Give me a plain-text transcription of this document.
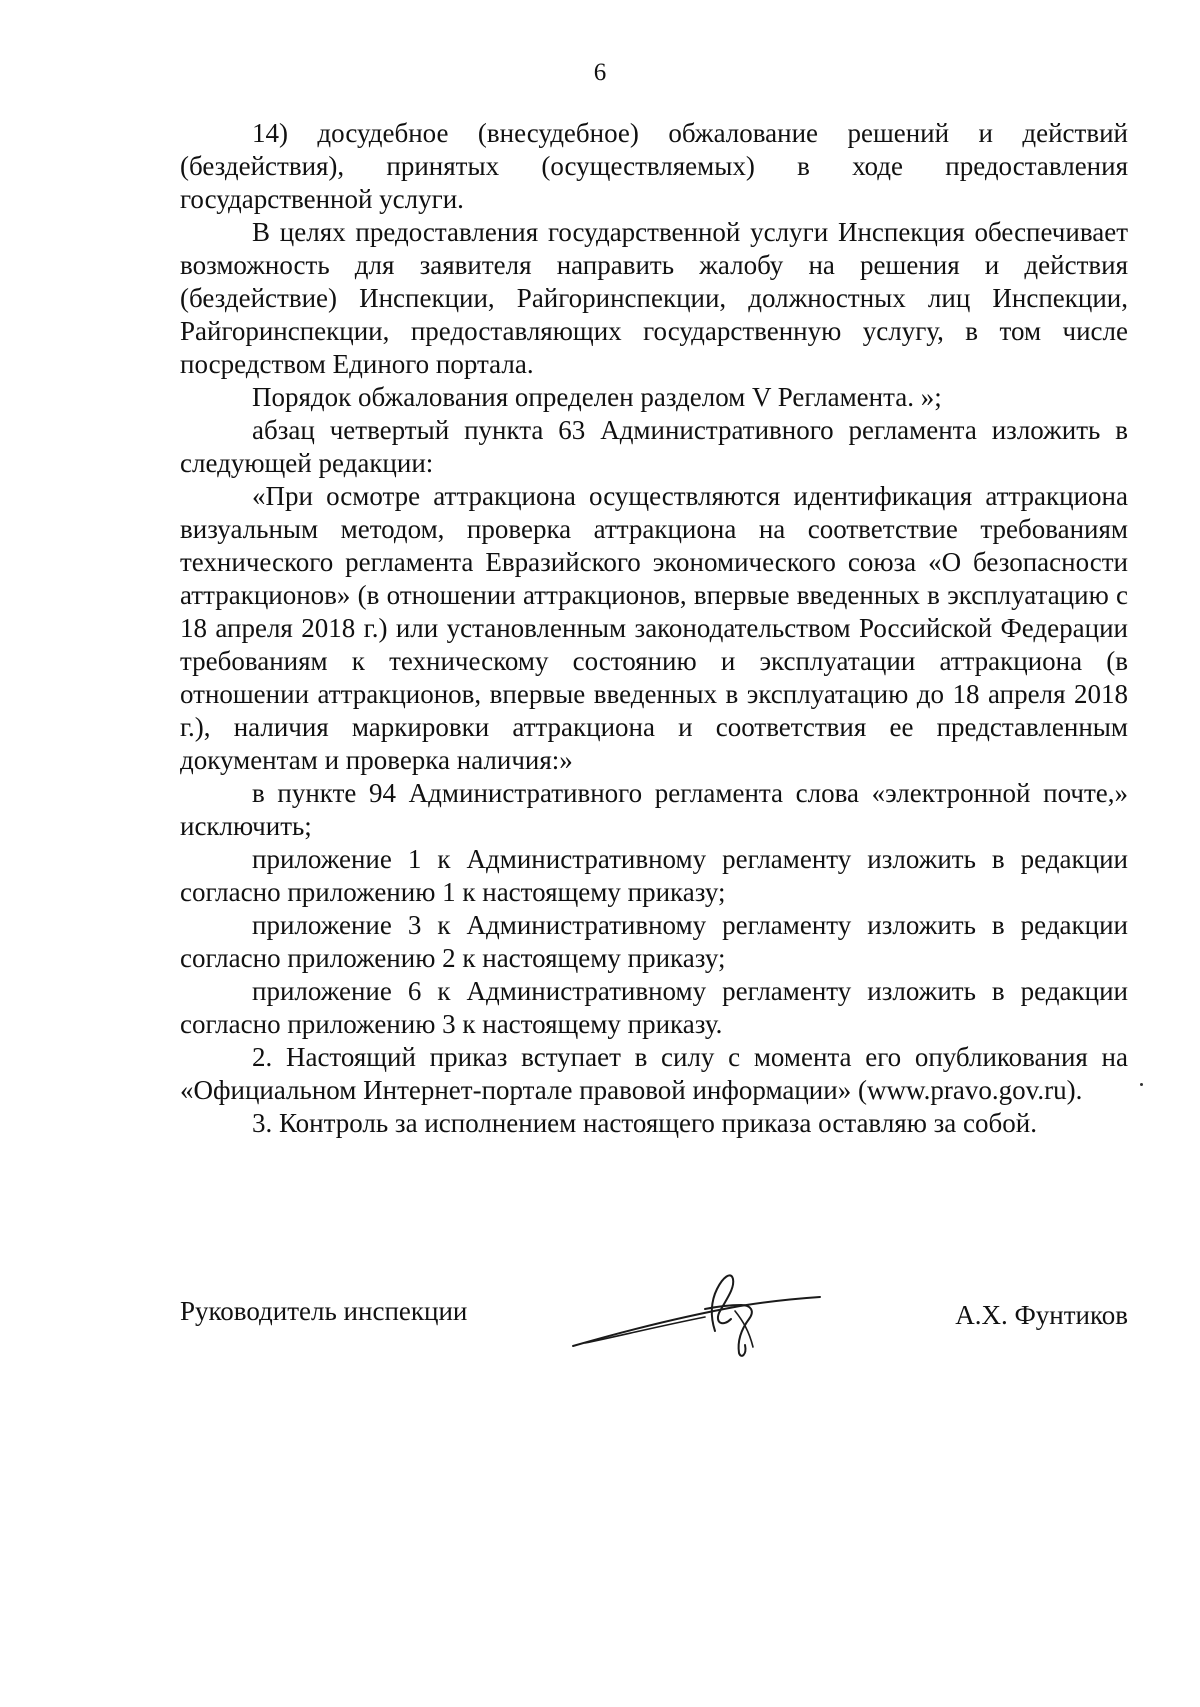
6

14) досудебное (внесудебное) обжалование решений и действий (бездействия), принятых (осуществляемых) в ходе предоставления государственной услуги.

В целях предоставления государственной услуги Инспекция обеспечивает возможность для заявителя направить жалобу на решения и действия (бездействие) Инспекции, Райгоринспекции, должностных лиц Инспекции, Райгоринспекции, предоставляющих государственную услугу, в том числе посредством Единого портала.

Порядок обжалования определен разделом V Регламента. »;

абзац четвертый пункта 63 Административного регламента изложить в следующей редакции:

«При осмотре аттракциона осуществляются идентификация аттракциона визуальным методом, проверка аттракциона на соответствие требованиям технического регламента Евразийского экономического союза «О безопасности аттракционов» (в отношении аттракционов, впервые введенных в эксплуатацию с 18 апреля 2018 г.) или установленным законодательством Российской Федерации требованиям к техническому состоянию и эксплуатации аттракциона (в отношении аттракционов, впервые введенных в эксплуатацию до 18 апреля 2018 г.), наличия маркировки аттракциона и соответствия ее представленным документам и проверка наличия:»

в пункте 94 Административного регламента слова «электронной почте,» исключить;

приложение 1 к Административному регламенту изложить в редакции согласно приложению 1 к настоящему приказу;

приложение 3 к Административному регламенту изложить в редакции согласно приложению 2 к настоящему приказу;

приложение 6 к Административному регламенту изложить в редакции согласно приложению 3 к настоящему приказу.

2. Настоящий приказ вступает в силу с момента его опубликования на «Официальном Интернет-портале правовой информации» (www.pravo.gov.ru).

3. Контроль за исполнением настоящего приказа оставляю за собой.

Руководитель инспекции	А.Х. Фунтиков
